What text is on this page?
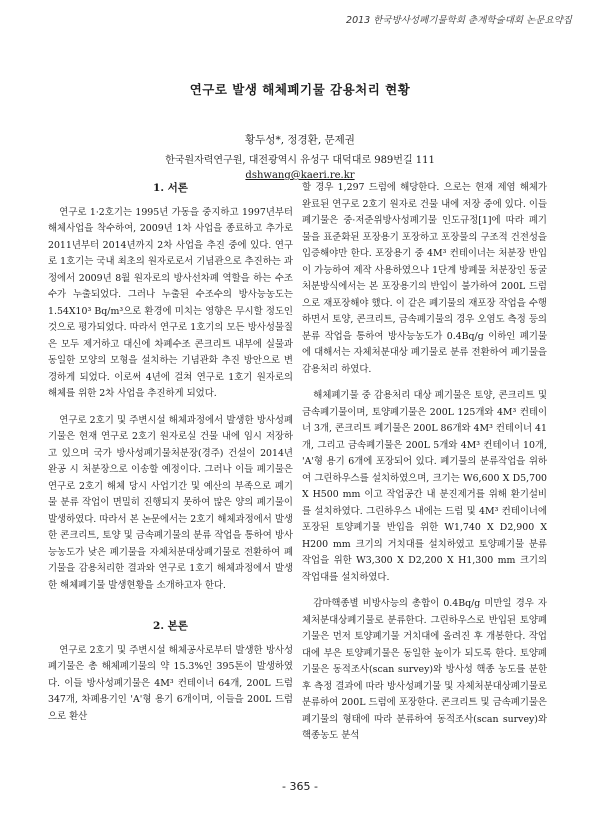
2013 한국방사성폐기물학회 춘계학술대회 논문요약집
연구로 발생 해체폐기물 감용처리 현황
황두성*, 정경환, 문제권
한국원자력연구원, 대전광역시 유성구 대덕대로 989번길 111
dshwang@kaeri.re.kr
1. 서론

연구로 1·2호기는 1995년 가동을 중지하고 1997년부터 해체사업을 착수하여, 2009년 1차 사업을 종료하고 추가로 2011년부터 2014년까지 2차 사업을 추진 중에 있다. 연구로 1호기는 국내 최초의 원자로로서 기념관으로 추진하는 과정에서 2009년 8월 원자로의 방사선차폐 역할을 하는 수조수가 누출되었다. 그러나 누출된 수조수의 방사능농도는 1.54X10³ Bq/m³으로 환경에 미치는 영향은 무시할 정도인 것으로 평가되었다. 따라서 연구로 1호기의 모든 방사성물질은 모두 제거하고 대신에 차폐수조 콘크리트 내부에 실물과 동일한 모양의 모형을 설치하는 기념관화 추진 방안으로 변경하게 되었다. 이로써 4년에 걸쳐 연구로 1호기 원자로의 해체를 위한 2차 사업을 추진하게 되었다.

연구로 2호기 및 주변시설 해체과정에서 발생한 방사성폐기물은 현재 연구로 2호기 원자로실 건물 내에 임시 저장하고 있으며 국가 방사성폐기물처분장(경주) 건설이 2014년 완공 시 처분장으로 이송할 예정이다. 그러나 이들 폐기물은 연구로 2호기 해체 당시 사업기간 및 예산의 부족으로 폐기물 분류 작업이 면밀히 진행되지 못하여 많은 양의 폐기물이 발생하였다. 따라서 본 논문에서는 2호기 해체과정에서 발생한 콘크리트, 토양 및 금속폐기물의 분류 작업을 통하여 방사능농도가 낮은 폐기물을 자체처분대상폐기물로 전환하여 폐기물을 감용처리한 결과와 연구로 1호기 해체과정에서 발생한 해체폐기물 발생현황을 소개하고자 한다.

2. 본론

연구로 2호기 및 주변시설 해체공사로부터 발생한 방사성폐기물은 총 해체폐기물의 약 15.3%인 395톤이 발생하였다. 이들 방사성폐기물은 4M³ 컨테이너 64개, 200L 드럼 347개, 차폐용기인 'A'형 용기 6개이며, 이들을 200L 드럼으로 환산

할 경우 1,297 드럼에 해당한다. 으로는 현재 제염 해체가 완료된 연구로 2호기 원자로 건물 내에 저장 중에 있다. 이들 폐기물은 중·저준위방사성폐기물 인도규정[1]에 따라 폐기물을 표준화된 포장용기 포장하고 포장물의 구조적 건전성을 입증해야만 한다. 포장용기 중 4M³ 컨테이너는 처분장 반입이 가능하여 제작 사용하였으나 1단계 방폐물 처분장인 동굴처분방식에서는 본 포장용기의 반입이 불가하여 200L 드럼으로 재포장해야 했다. 이 같은 폐기물의 재포장 작업을 수행하면서 토양, 콘크리트, 금속폐기물의 경우 오염도 측정 등의 분류 작업을 통하여 방사능농도가 0.4Bq/g 이하인 폐기물에 대해서는 자체처분대상 폐기물로 분류 전환하여 폐기물을 감용처리 하였다.

해체폐기물 중 감용처리 대상 폐기물은 토양, 콘크리트 및 금속폐기물이며, 토양폐기물은 200L 125개와 4M³ 컨테이너 3개, 콘크리트 폐기물은 200L 86개와 4M³ 컨테이너 41개, 그리고 금속폐기물은 200L 5개와 4M³ 컨테이너 10개, 'A'형 용기 6개에 포장되어 있다. 폐기물의 분류작업을 위하여 그린하우스를 설치하였으며, 크기는 W6,600 X D5,700 X H500 mm 이고 작업공간 내 분진제거를 위해 환기설비를 설치하였다. 그린하우스 내에는 드럼 및 4M³ 컨테이너에 포장된 토양폐기물 반입을 위한 W1,740 X D2,900 X H200 mm 크기의 거치대를 설치하였고 토양폐기물 분류 작업을 위한 W3,300 X D2,200 X H1,300 mm 크기의 작업대를 설치하였다.

감마핵종별 비방사능의 총합이 0.4Bq/g 미만일 경우 자체처분대상폐기물로 분류한다. 그린하우스로 반입된 토양폐기물은 먼저 토양폐기물 거치대에 올려진 후 개봉한다. 작업대에 부은 토양폐기물은 동일한 높이가 되도록 한다. 토양폐기물은 동적조사(scan survey)와 방사성 핵종 농도를 분한 후 측정 결과에 따라 방사성폐기물 및 자체처분대상폐기물로 분류하여 200L 드럼에 포장한다. 콘크리트 및 금속폐기물은 폐기물의 형태에 따라 분류하여 동적조사(scan survey)와 핵종농도 분석

- 365 -
